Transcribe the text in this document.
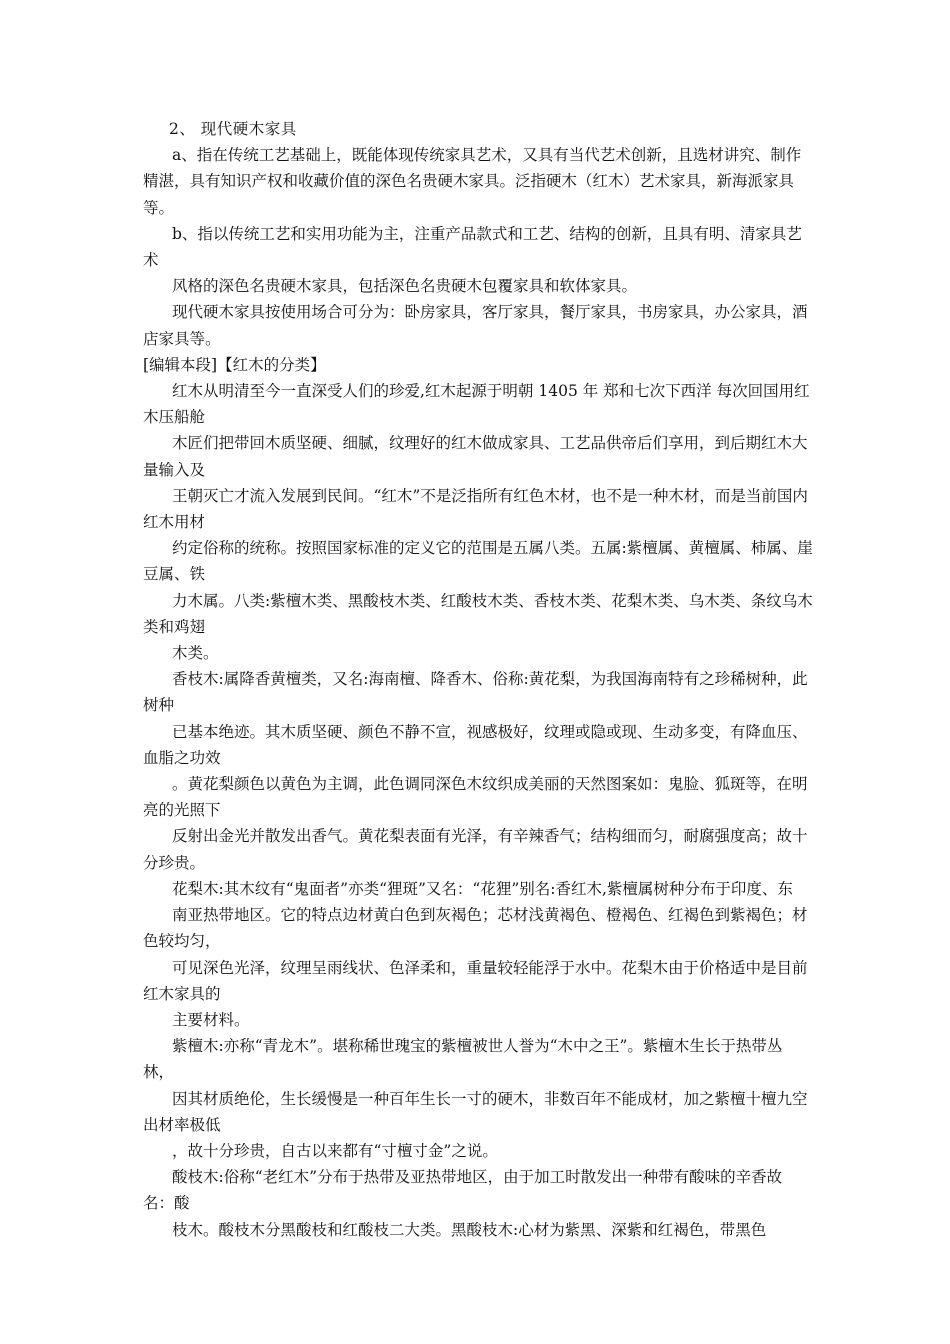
2、 现代硬木家具

a、指在传统工艺基础上，既能体现传统家具艺术，又具有当代艺术创新，且选材讲究、制作精湛，具有知识产权和收藏价值的深色名贵硬木家具。泛指硬木（红木）艺术家具，新海派家具等。

b、指以传统工艺和实用功能为主，注重产品款式和工艺、结构的创新，且具有明、清家具艺术

风格的深色名贵硬木家具，包括深色名贵硬木包覆家具和软体家具。

现代硬木家具按使用场合可分为：卧房家具，客厅家具，餐厅家具，书房家具，办公家具，酒店家具等。

[编辑本段]【红木的分类】

红木从明清至今一直深受人们的珍爱,红木起源于明朝 1405 年 郑和七次下西洋 每次回国用红木压船舱

木匠们把带回木质坚硬、细腻，纹理好的红木做成家具、工艺品供帝后们享用，到后期红木大量输入及

王朝灭亡才流入发展到民间。“红木”不是泛指所有红色木材，也不是一种木材，而是当前国内红木用材

约定俗称的统称。按照国家标准的定义它的范围是五属八类。五属:紫檀属、黄檀属、柿属、崖豆属、铁

力木属。八类:紫檀木类、黑酸枝木类、红酸枝木类、香枝木类、花梨木类、乌木类、条纹乌木类和鸡翅

木类。

香枝木:属降香黄檀类，又名:海南檀、降香木、俗称:黄花梨，为我国海南特有之珍稀树种，此树种

已基本绝迹。其木质坚硬、颜色不静不宣，视感极好，纹理或隐或现、生动多变，有降血压、血脂之功效

。黄花梨颜色以黄色为主调，此色调同深色木纹织成美丽的天然图案如：鬼脸、狐斑等，在明亮的光照下

反射出金光并散发出香气。黄花梨表面有光泽，有辛辣香气；结构细而匀，耐腐强度高；故十分珍贵。

花梨木:其木纹有“鬼面者”亦类“狸斑”又名：“花狸”别名:香红木,紫檀属树种分布于印度、东

南亚热带地区。它的特点边材黄白色到灰褐色；芯材浅黄褐色、橙褐色、红褐色到紫褐色；材色较均匀，

可见深色光泽，纹理呈雨线状、色泽柔和，重量较轻能浮于水中。花梨木由于价格适中是目前红木家具的

主要材料。

紫檀木:亦称“青龙木”。堪称稀世瑰宝的紫檀被世人誉为“木中之王”。紫檀木生长于热带丛林，

因其材质绝伦，生长缓慢是一种百年生长一寸的硬木，非数百年不能成材，加之紫檀十檀九空出材率极低

，故十分珍贵，自古以来都有“寸檀寸金”之说。

酸枝木:俗称“老红木”分布于热带及亚热带地区，由于加工时散发出一种带有酸味的辛香故名：酸

枝木。酸枝木分黑酸枝和红酸枝二大类。黑酸枝木:心材为紫黑、深紫和红褐色，带黑色
